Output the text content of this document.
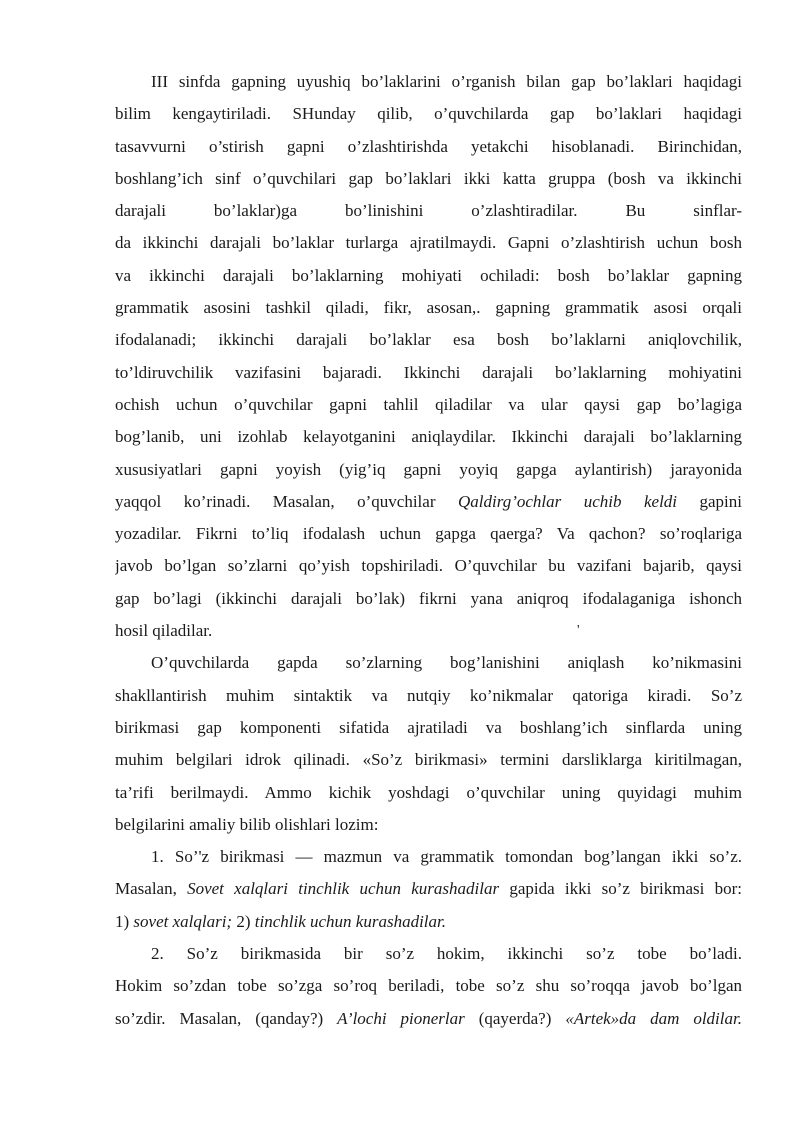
III sinfda gapning uyushiq bo’laklarini o’rganish bilan gap bo’laklari haqidagi
bilim kengaytiriladi. SHunday qilib, o’quvchilarda gap bo’laklari haqidagi
tasavvurni o’stirish gapni o’zlashtirishda yetakchi hisoblanadi. Birinchidan,
boshlang’ich sinf o’quvchilari gap bo’laklari ikki katta gruppa (bosh va ikkinchi
darajali bo’laklar)ga bo’linishini o’zlashtiradilar. Bu sinflar-
da ikkinchi darajali bo’laklar turlarga ajratilmaydi. Gapni o’zlashtirish uchun bosh
va ikkinchi darajali bo’laklarning mohiyati ochiladi: bosh bo’laklar gapning
grammatik asosini tashkil qiladi, fikr, asosan,. gapning grammatik asosi orqali
ifodalanadi; ikkinchi darajali bo’laklar esa bosh bo’laklarni aniqlovchilik,
to’ldiruvchilik vazifasini bajaradi. Ikkinchi darajali bo’laklarning mohiyatini
ochish uchun o’quvchilar gapni tahlil qiladilar va ular qaysi gap bo’lagiga
bog’lanib, uni izohlab kelayotganini aniqlaydilar. Ikkinchi darajali bo’laklarning
xususiyatlari gapni yoyish (yig’iq gapni yoyiq gapga aylantirish) jarayonida
yaqqol ko’rinadi. Masalan, o’quvchilar Qaldirg’ochlar uchib keldi gapini
yozadilar. Fikrni to’liq ifodalash uchun gapga qaerga? Va qachon? so’roqlariga
javob bo’lgan so’zlarni qo’yish topshiriladi. O’quvchilar bu vazifani bajarib, qaysi
gap bo’lagi (ikkinchi darajali bo’lak) fikrni yana aniqroq ifodalaganiga ishonch
hosil qiladilar.	'
O’quvchilarda gapda so’zlarning bog’lanishini aniqlash ko’nikmasini
shakllantirish muhim sintaktik va nutqiy ko’nikmalar qatoriga kiradi. So’z
birikmasi gap komponenti sifatida ajratiladi va boshlang’ich sinflarda uning
muhim belgilari idrok qilinadi. «So’z birikmasi» termini darsliklarga kiritilmagan,
ta’rifi berilmaydi. Ammo kichik yoshdagi o’quvchilar uning quyidagi muhim
belgilarini amaliy bilib olishlari lozim:
1. So’'z birikmasi — mazmun va grammatik tomondan bog’langan ikki so’z.
Masalan, Sovet xalqlari tinchlik uchun kurashadilar gapida ikki so’z birikmasi bor:
1) sovet xalqlari; 2) tinchlik uchun kurashadilar.
2. So’z birikmasida bir so’z hokim, ikkinchi so’z tobe bo’ladi.
Hokim so’zdan tobe so’zga so’roq beriladi, tobe so’z shu so’roqqa javob bo’lgan
so’zdir. Masalan, (qanday?) A’lochi pionerlar (qayerda?) «Artek»da dam oldilar.
